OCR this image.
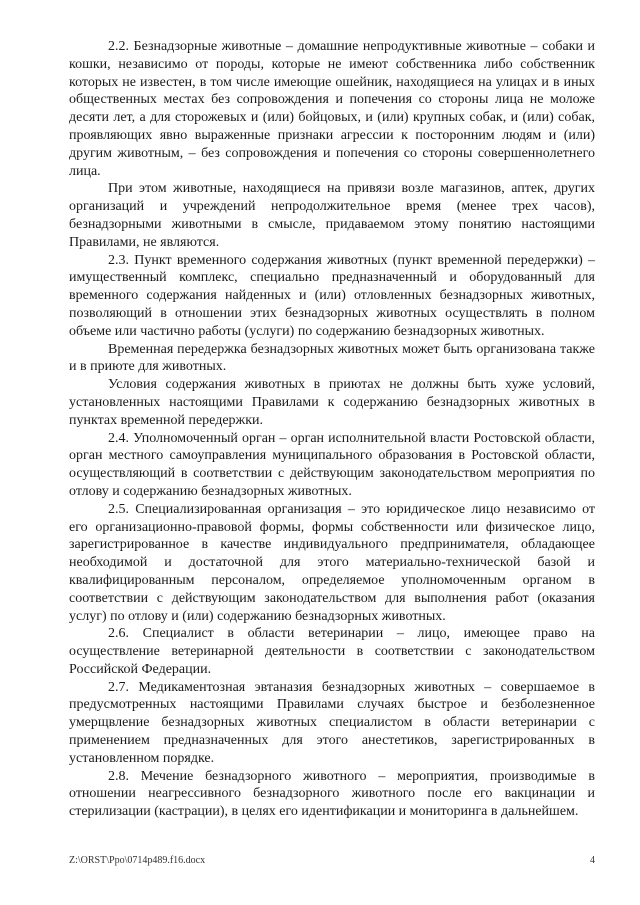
2.2. Безнадзорные животные – домашние непродуктивные животные – собаки и кошки, независимо от породы, которые не имеют собственника либо собственник которых не известен, в том числе имеющие ошейник, находящиеся на улицах и в иных общественных местах без сопровождения и попечения со стороны лица не моложе десяти лет, а для сторожевых и (или) бойцовых, и (или) крупных собак, и (или) собак, проявляющих явно выраженные признаки агрессии к посторонним людям и (или) другим животным, – без сопровождения и попечения со стороны совершеннолетнего лица.

При этом животные, находящиеся на привязи возле магазинов, аптек, других организаций и учреждений непродолжительное время (менее трех часов), безнадзорными животными в смысле, придаваемом этому понятию настоящими Правилами, не являются.

2.3. Пункт временного содержания животных (пункт временной передержки) – имущественный комплекс, специально предназначенный и оборудованный для временного содержания найденных и (или) отловленных безнадзорных животных, позволяющий в отношении этих безнадзорных животных осуществлять в полном объеме или частично работы (услуги) по содержанию безнадзорных животных.

Временная передержка безнадзорных животных может быть организована также и в приюте для животных.

Условия содержания животных в приютах не должны быть хуже условий, установленных настоящими Правилами к содержанию безнадзорных животных в пунктах временной передержки.

2.4. Уполномоченный орган – орган исполнительной власти Ростовской области, орган местного самоуправления муниципального образования в Ростовской области, осуществляющий в соответствии с действующим законодательством мероприятия по отлову и содержанию безнадзорных животных.

2.5. Специализированная организация – это юридическое лицо независимо от его организационно-правовой формы, формы собственности или физическое лицо, зарегистрированное в качестве индивидуального предпринимателя, обладающее необходимой и достаточной для этого материально-технической базой и квалифицированным персоналом, определяемое уполномоченным органом в соответствии с действующим законодательством для выполнения работ (оказания услуг) по отлову и (или) содержанию безнадзорных животных.

2.6. Специалист в области ветеринарии – лицо, имеющее право на осуществление ветеринарной деятельности в соответствии с законодательством Российской Федерации.

2.7. Медикаментозная эвтаназия безнадзорных животных – совершаемое в предусмотренных настоящими Правилами случаях быстрое и безболезненное умерщвление безнадзорных животных специалистом в области ветеринарии с применением предназначенных для этого анестетиков, зарегистрированных в установленном порядке.

2.8. Мечение безнадзорного животного – мероприятия, производимые в отношении неагрессивного безнадзорного животного после его вакцинации и стерилизации (кастрации), в целях его идентификации и мониторинга в дальнейшем.

Z:\ORST\Ppo\0714p489.f16.docx	4
